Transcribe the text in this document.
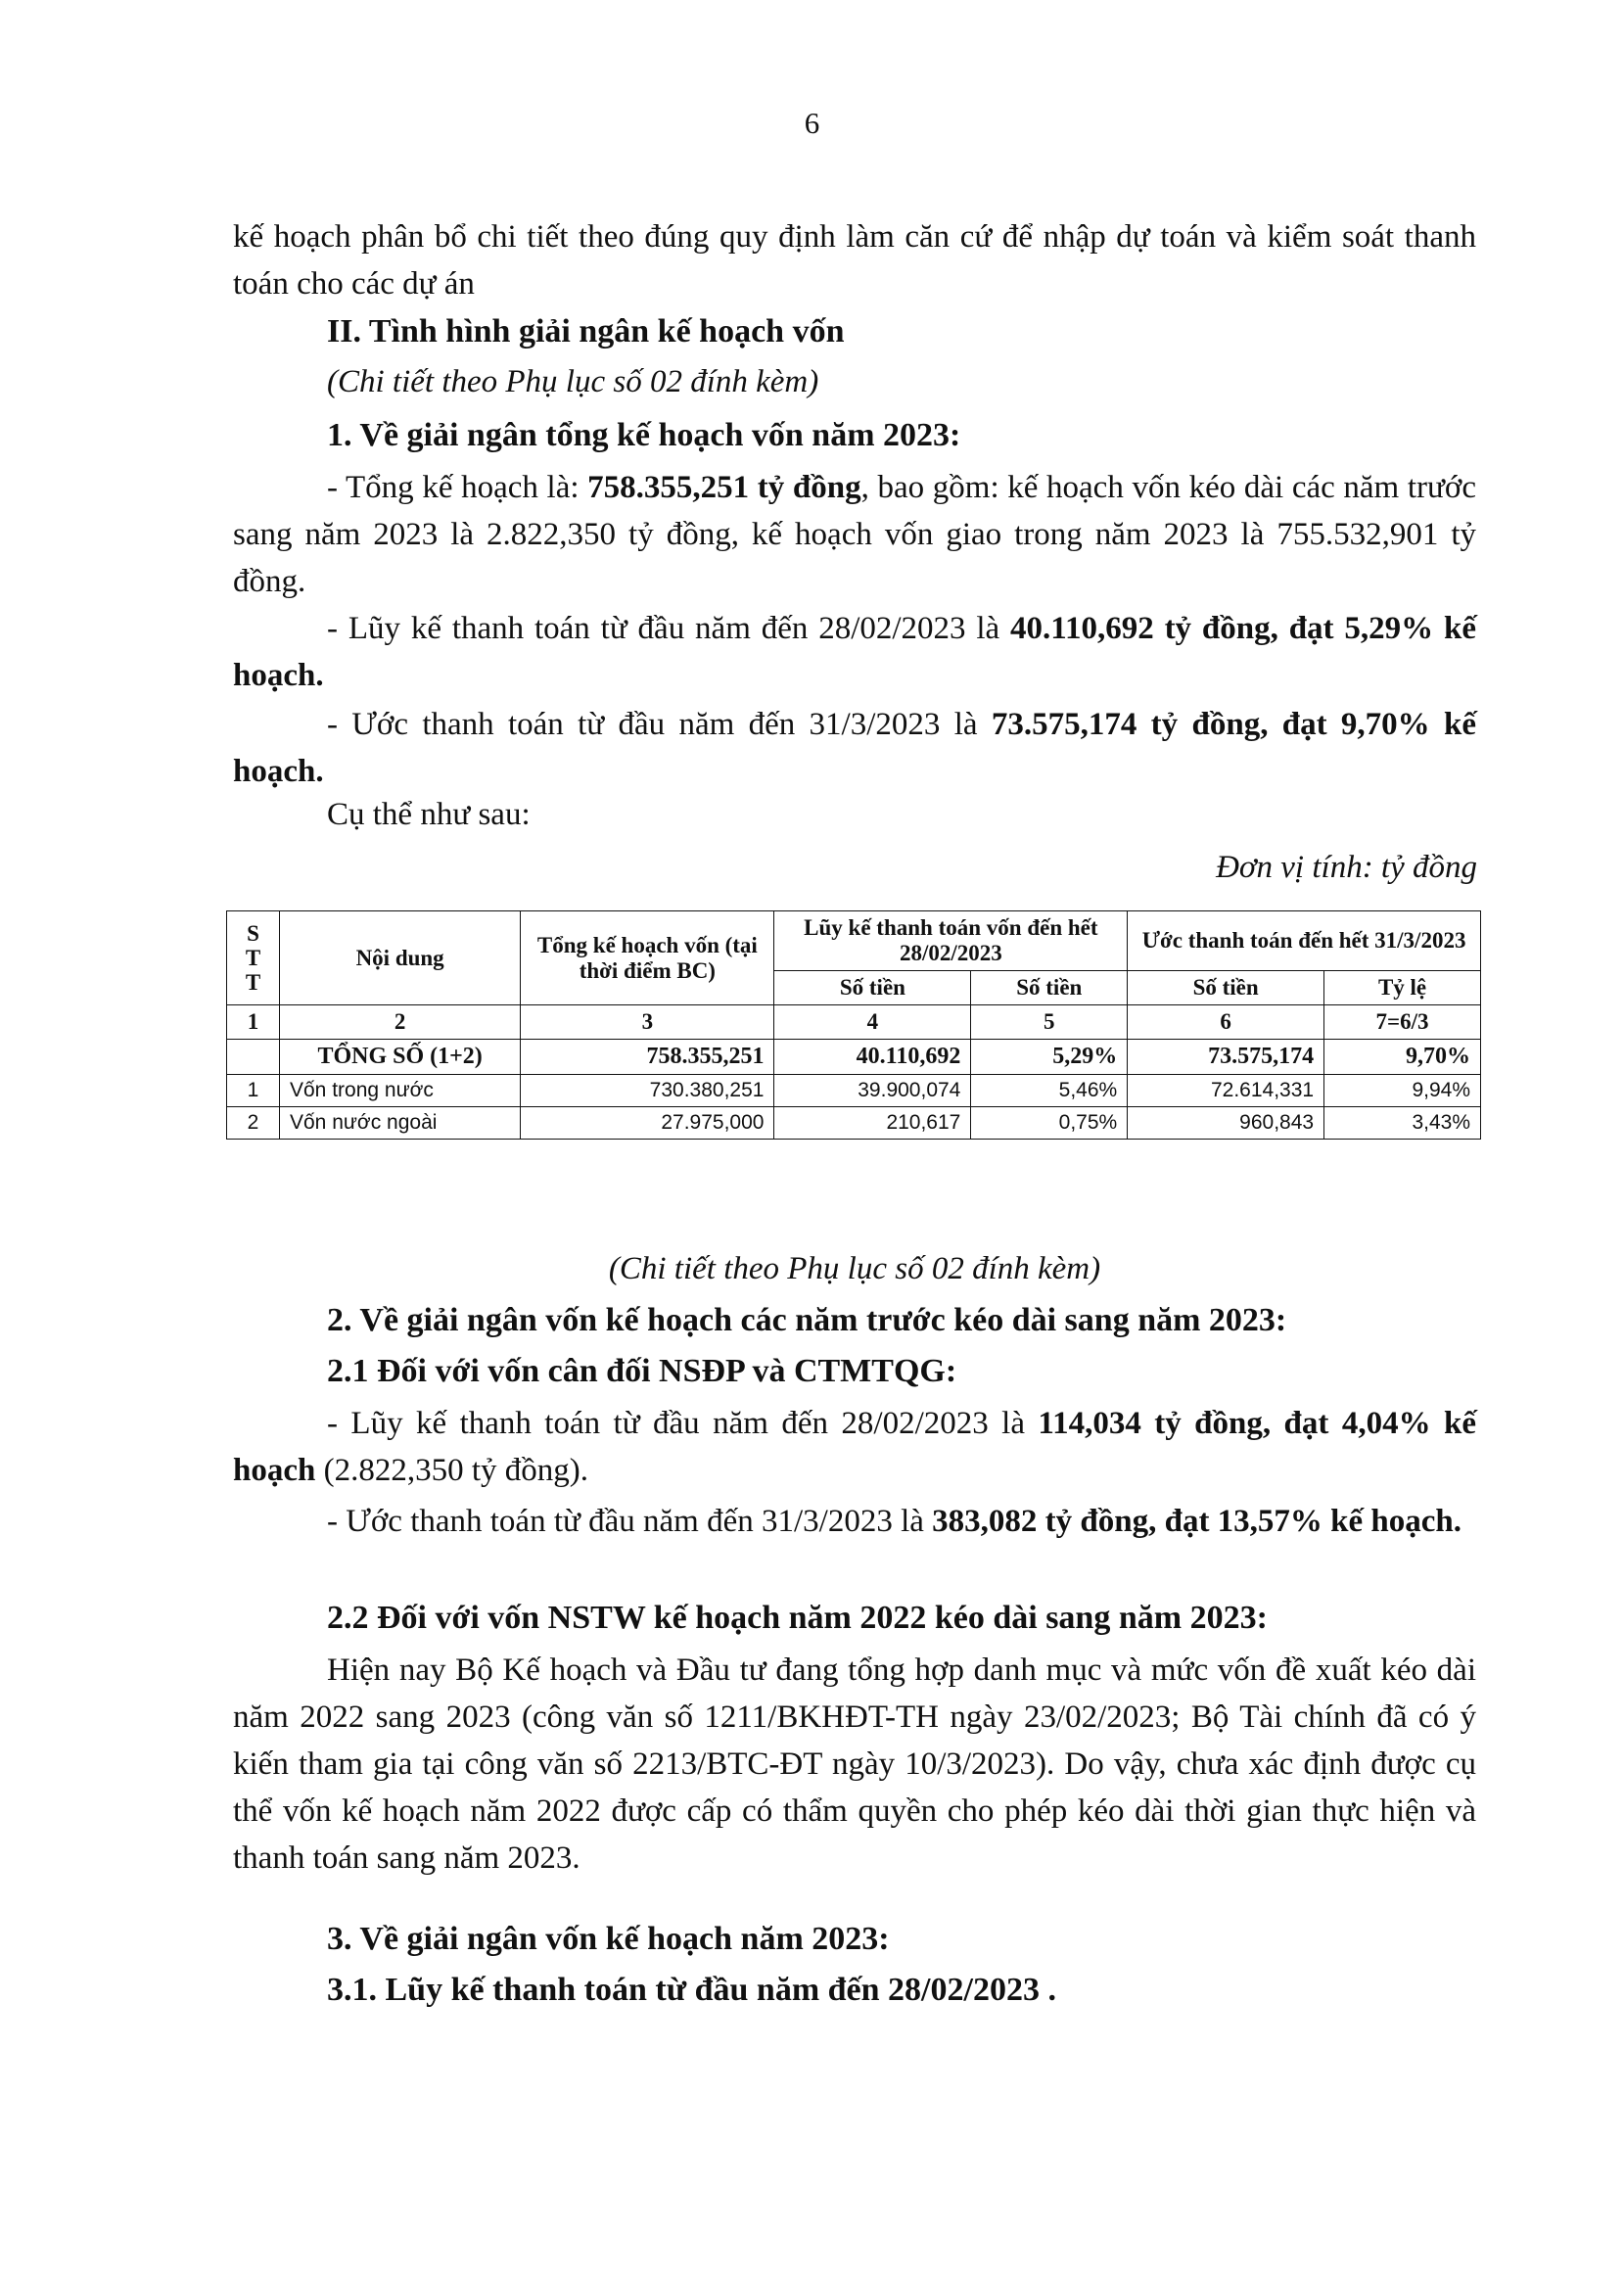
6

kế hoạch phân bổ chi tiết theo đúng quy định làm căn cứ để nhập dự toán và kiểm soát thanh toán cho các dự án

II. Tình hình giải ngân kế hoạch vốn
(Chi tiết theo Phụ lục số 02 đính kèm)
1. Về giải ngân tổng kế hoạch vốn năm 2023:

- Tổng kế hoạch là: 758.355,251 tỷ đồng, bao gồm: kế hoạch vốn kéo dài các năm trước sang năm 2023 là 2.822,350 tỷ đồng, kế hoạch vốn giao trong năm 2023 là 755.532,901 tỷ đồng.

- Lũy kế thanh toán từ đầu năm đến 28/02/2023 là 40.110,692 tỷ đồng, đạt 5,29% kế hoạch.

- Ước thanh toán từ đầu năm đến 31/3/2023 là 73.575,174 tỷ đồng, đạt 9,70% kế hoạch.

Cụ thể như sau:
Đơn vị tính: tỷ đồng
S
T
T	Nội dung	Tổng kế hoạch vốn (tại thời điểm BC)	Lũy kế thanh toán vốn đến hết 28/02/2023		Ước thanh toán đến hết 31/3/2023	
			Số tiền	Số tiền	Số tiền	Tỷ lệ
1	2	3	4	5	6	7=6/3
	TỔNG SỐ (1+2)	758.355,251	40.110,692	5,29%	73.575,174	9,70%
1	Vốn trong nước	730.380,251	39.900,074	5,46%	72.614,331	9,94%
2	Vốn nước ngoài	27.975,000	210,617	0,75%	960,843	3,43%
(Chi tiết theo Phụ lục số 02 đính kèm)
2. Về giải ngân vốn kế hoạch các năm trước kéo dài sang năm 2023:
2.1 Đối với vốn cân đối NSĐP và CTMTQG:

- Lũy kế thanh toán từ đầu năm đến 28/02/2023 là 114,034 tỷ đồng, đạt 4,04% kế hoạch (2.822,350 tỷ đồng).

- Ước thanh toán từ đầu năm đến 31/3/2023 là 383,082 tỷ đồng, đạt 13,57% kế hoạch.

2.2 Đối với vốn NSTW kế hoạch năm 2022 kéo dài sang năm 2023:

Hiện nay Bộ Kế hoạch và Đầu tư đang tổng hợp danh mục và mức vốn đề xuất kéo dài năm 2022 sang 2023 (công văn số 1211/BKHĐT-TH ngày 23/02/2023; Bộ Tài chính đã có ý kiến tham gia tại công văn số 2213/BTC-ĐT ngày 10/3/2023). Do vậy, chưa xác định được cụ thể vốn kế hoạch năm 2022 được cấp có thẩm quyền cho phép kéo dài thời gian thực hiện và thanh toán sang năm 2023.

3. Về giải ngân vốn kế hoạch năm 2023:
3.1. Lũy kế thanh toán từ đầu năm đến 28/02/2023 .
